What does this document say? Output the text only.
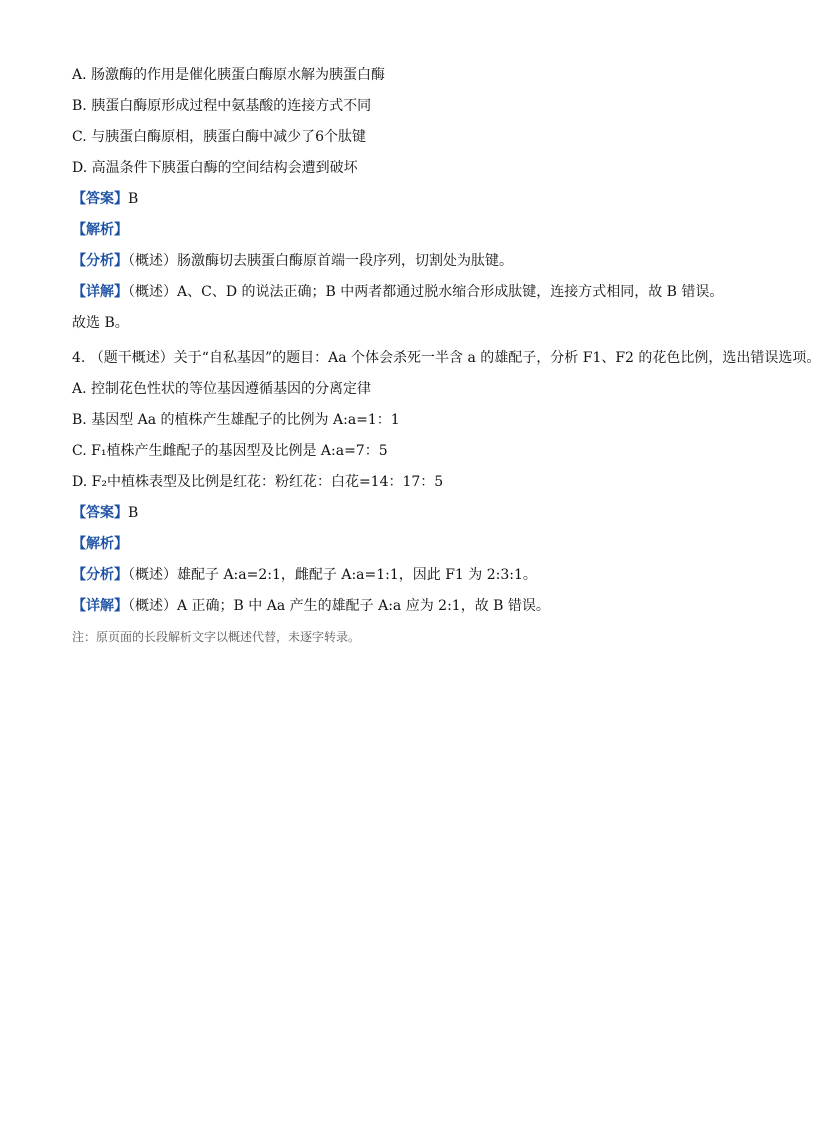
A. 肠激酶的作用是催化胰蛋白酶原水解为胰蛋白酶
B. 胰蛋白酶原形成过程中氨基酸的连接方式不同
C. 与胰蛋白酶原相，胰蛋白酶中减少了6个肽键
D. 高温条件下胰蛋白酶的空间结构会遭到破坏
【答案】B
【解析】
【分析】（概述）肠激酶切去胰蛋白酶原首端一段序列，切割处为肽键。
【详解】（概述）A、C、D 的说法正确；B 中两者都通过脱水缩合形成肽键，连接方式相同，故 B 错误。
故选 B。
4. （题干概述）关于“自私基因”的题目：Aa 个体会杀死一半含 a 的雄配子，分析 F1、F2 的花色比例，选出错误选项。
A. 控制花色性状的等位基因遵循基因的分离定律
B. 基因型 Aa 的植株产生雄配子的比例为 A:a=1：1
C. F₁植株产生雌配子的基因型及比例是 A:a=7：5
D. F₂中植株表型及比例是红花：粉红花：白花=14：17：5
【答案】B
【解析】
【分析】（概述）雄配子 A:a=2:1，雌配子 A:a=1:1，因此 F1 为 2:3:1。
【详解】（概述）A 正确；B 中 Aa 产生的雄配子 A:a 应为 2:1，故 B 错误。
注：原页面的长段解析文字以概述代替，未逐字转录。
